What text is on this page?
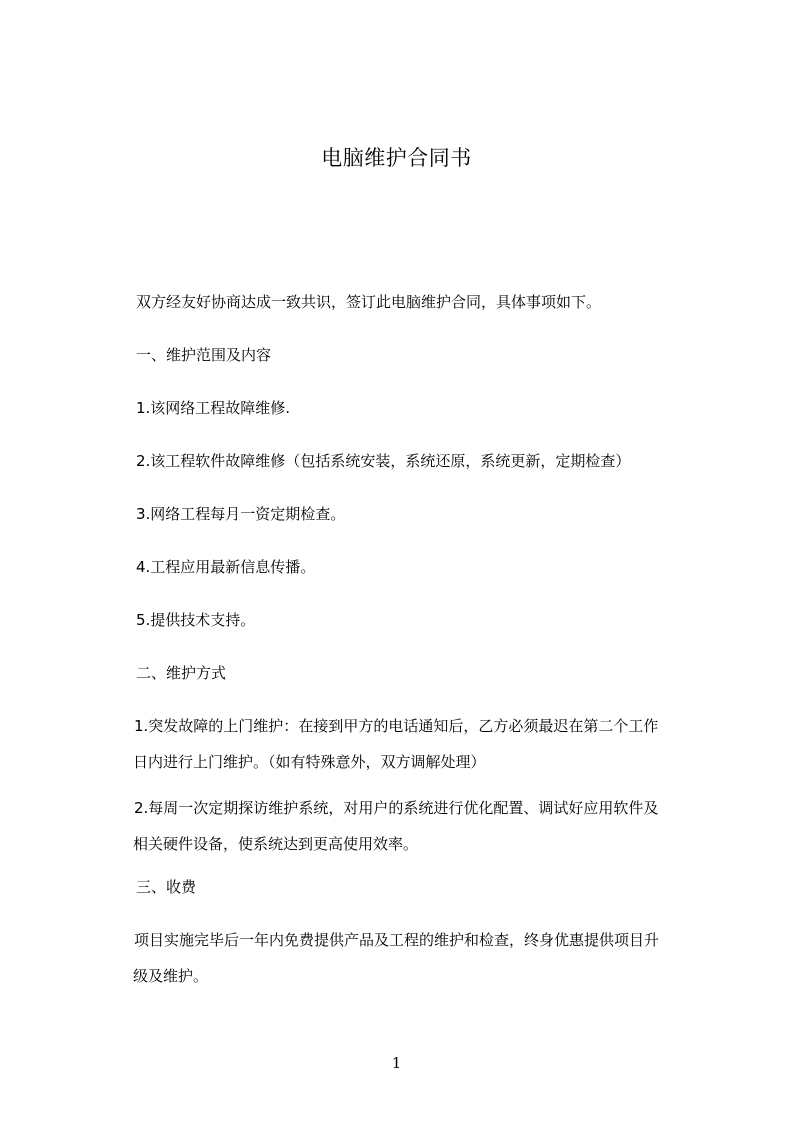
电脑维护合同书
双方经友好协商达成一致共识，签订此电脑维护合同，具体事项如下。
一、维护范围及内容
1.该网络工程故障维修.
2.该工程软件故障维修（包括系统安装，系统还原，系统更新，定期检查）
3.网络工程每月一资定期检查。
4.工程应用最新信息传播。
5.提供技术支持。
二、维护方式
1.突发故障的上门维护：在接到甲方的电话通知后，乙方必须最迟在第二个工作
日内进行上门维护。（如有特殊意外，双方调解处理）
2.每周一次定期探访维护系统，对用户的系统进行优化配置、调试好应用软件及
相关硬件设备，使系统达到更高使用效率。
三、收费
项目实施完毕后一年内免费提供产品及工程的维护和检查，终身优惠提供项目升
级及维护。
1
